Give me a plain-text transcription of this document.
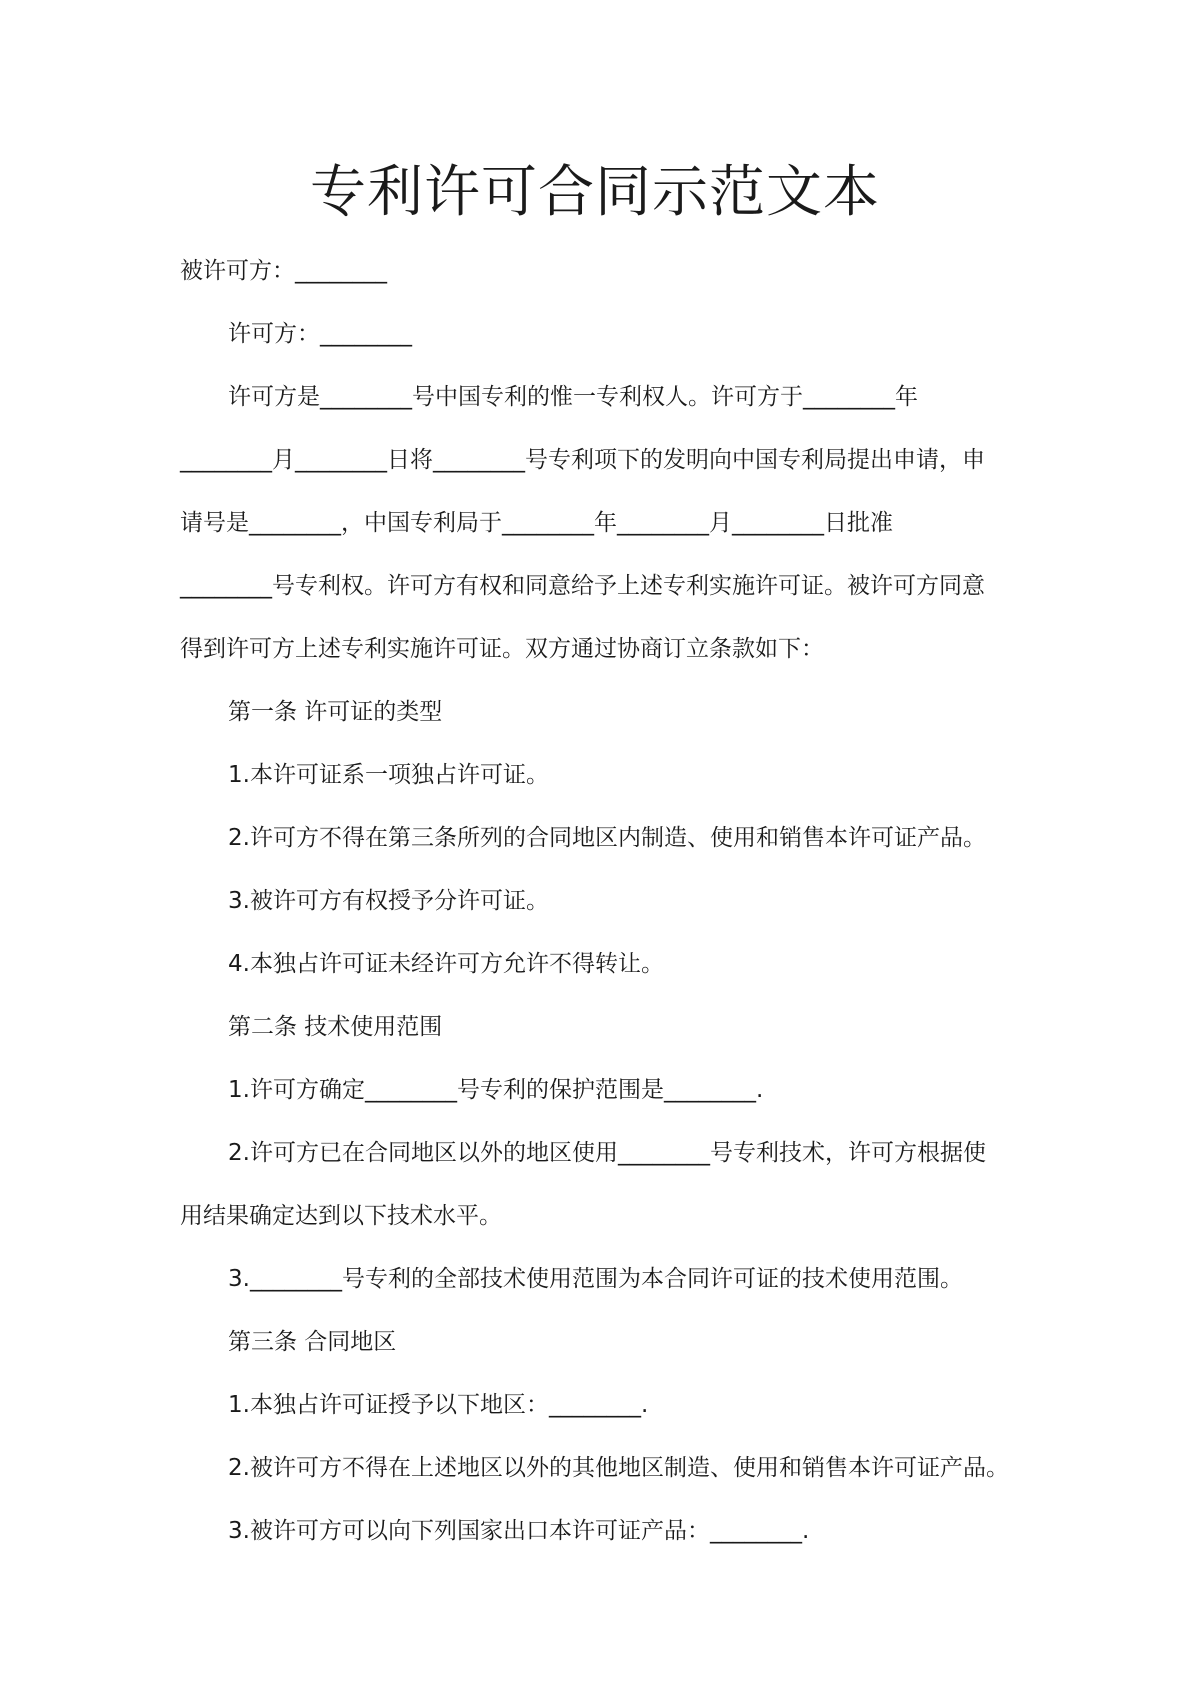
专利许可合同示范文本
被许可方：________
许可方：________
许可方是________号中国专利的惟一专利权人。许可方于________年
________月________日将________号专利项下的发明向中国专利局提出申请，申
请号是________，中国专利局于________年________月________日批准
________号专利权。许可方有权和同意给予上述专利实施许可证。被许可方同意
得到许可方上述专利实施许可证。双方通过协商订立条款如下：
第一条 许可证的类型
1.本许可证系一项独占许可证。
2.许可方不得在第三条所列的合同地区内制造、使用和销售本许可证产品。
3.被许可方有权授予分许可证。
4.本独占许可证未经许可方允许不得转让。
第二条 技术使用范围
1.许可方确定________号专利的保护范围是________.
2.许可方已在合同地区以外的地区使用________号专利技术，许可方根据使
用结果确定达到以下技术水平。
3.________号专利的全部技术使用范围为本合同许可证的技术使用范围。
第三条 合同地区
1.本独占许可证授予以下地区：________.
2.被许可方不得在上述地区以外的其他地区制造、使用和销售本许可证产品。
3.被许可方可以向下列国家出口本许可证产品：________.
